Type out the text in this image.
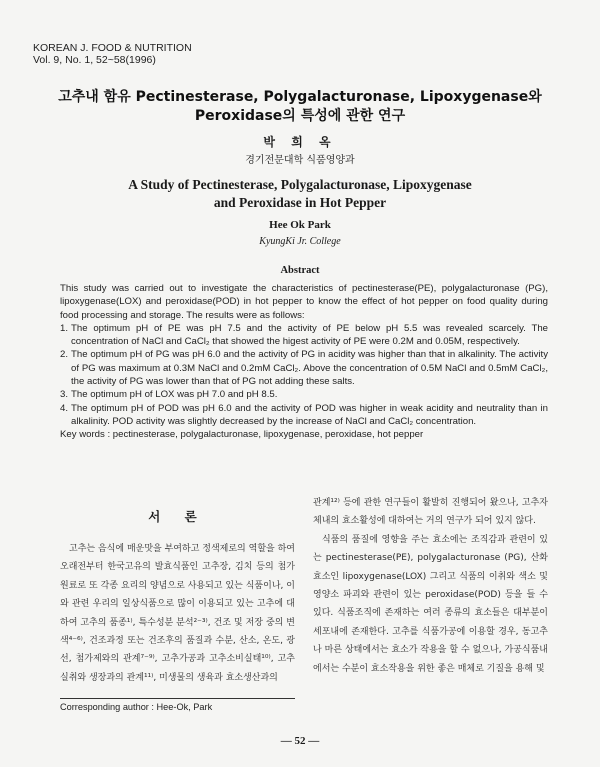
KOREAN J. FOOD & NUTRITION
Vol. 9, No. 1, 52~58(1996)
고추내 함유 Pectinesterase, Polygalacturonase, Lipoxygenase와
Peroxidase의 특성에 관한 연구
박 희 옥
경기전문대학 식품영양과
A Study of Pectinesterase, Polygalacturonase, Lipoxygenase
and Peroxidase in Hot Pepper
Hee Ok Park
KyungKi Jr. College
Abstract

This study was carried out to investigate the characteristics of pectinesterase(PE), polygalacturonase (PG), lipoxygenase(LOX) and peroxidase(POD) in hot pepper to know the effect of hot pepper on food quality during food processing and storage. The results were as follows:

1. The optimum pH of PE was pH 7.5 and the activity of PE below pH 5.5 was revealed scarcely. The concentration of NaCl and CaCl₂ that showed the higest activity of PE were 0.2M and 0.05M, respectively.
2. The optimum pH of PG was pH 6.0 and the activity of PG in acidity was higher than that in alkalinity. The activity of PG was maximum at 0.3M NaCl and 0.2mM CaCl₂. Above the concentration of 0.5M NaCl and 0.5mM CaCl₂, the activity of PG was lower than that of PG not adding these salts.
3. The optimum pH of LOX was pH 7.0 and pH 8.5.
4. The optimum pH of POD was pH 6.0 and the activity of POD was higher in weak acidity and neutrality than in alkalinity. POD activity was slightly decreased by the increase of NaCl and CaCl₂ concentration.

Key words : pectinesterase, polygalacturonase, lipoxygenase, peroxidase, hot pepper

서 론
고추는 음식에 매운맛을 부여하고 정색제로의 역할을 하여 오래전부터 한국고유의 발효식품인 고추장, 김치 등의 첨가원료로 또 각종 요리의 양념으로 사용되고 있는 식품이나, 이와 관련 우리의 일상식품으로 많이 이용되고 있는 고추에 대하여 고추의 품종¹⁾, 특수성분 분석²⁻³⁾, 건조 및 저장 중의 변색⁴⁻⁶⁾, 건조과정 또는 건조후의 품질과 수분, 산소, 온도, 광선, 첨가제와의 관계⁷⁻⁹⁾, 고추가공과 고추소비실태¹⁰⁾, 고추실취와 생장과의 관계¹¹⁾, 미생물의 생육과 효소생산과의

관계¹²⁾ 등에 관한 연구들이 활발히 진행되어 왔으나, 고추자체내의 효소활성에 대하여는 거의 연구가 되어 있지 않다.

식품의 품질에 영향을 주는 효소에는 조직감과 관련이 있는 pectinesterase(PE), polygalacturonase (PG), 산화효소인 lipoxygenase(LOX) 그리고 식품의 이취와 색소 및 영양소 파괴와 관련이 있는 peroxidase(POD) 등을 들 수 있다. 식품조직에 존재하는 여러 종류의 효소들은 대부분이 세포내에 존재한다. 고추를 식품가공에 이용할 경우, 동고추나 마른 상태에서는 효소가 작용을 할 수 없으나, 가공식품내에서는 수분이 효소작용을 위한 좋은 매체로 기질을 용해 및

Corresponding author : Hee-Ok, Park
— 52 —
